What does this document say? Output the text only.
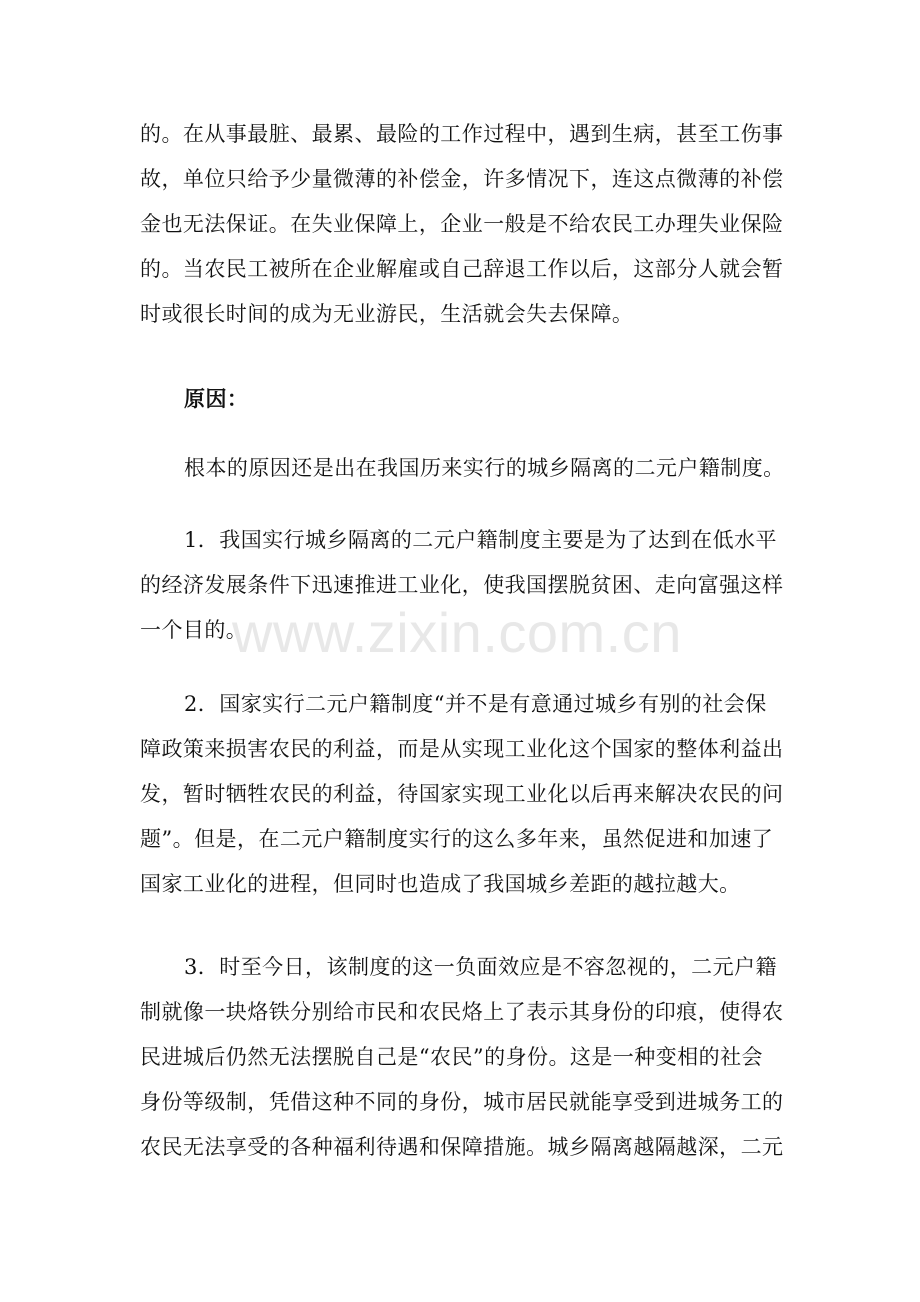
www.zixin.com.cn
的。在从事最脏、最累、最险的工作过程中，遇到生病，甚至工伤事
故，单位只给予少量微薄的补偿金，许多情况下，连这点微薄的补偿
金也无法保证。在失业保障上，企业一般是不给农民工办理失业保险
的。当农民工被所在企业解雇或自己辞退工作以后，这部分人就会暂
时或很长时间的成为无业游民，生活就会失去保障。
原因：
根本的原因还是出在我国历来实行的城乡隔离的二元户籍制度。
1．我国实行城乡隔离的二元户籍制度主要是为了达到在低水平
的经济发展条件下迅速推进工业化，使我国摆脱贫困、走向富强这样
一个目的。
2．国家实行二元户籍制度“并不是有意通过城乡有别的社会保
障政策来损害农民的利益，而是从实现工业化这个国家的整体利益出
发，暂时牺牲农民的利益，待国家实现工业化以后再来解决农民的问
题”。但是，在二元户籍制度实行的这么多年来，虽然促进和加速了
国家工业化的进程，但同时也造成了我国城乡差距的越拉越大。
3．时至今日，该制度的这一负面效应是不容忽视的，二元户籍
制就像一块烙铁分别给市民和农民烙上了表示其身份的印痕，使得农
民进城后仍然无法摆脱自己是“农民”的身份。这是一种变相的社会
身份等级制，凭借这种不同的身份，城市居民就能享受到进城务工的
农民无法享受的各种福利待遇和保障措施。城乡隔离越隔越深，二元
